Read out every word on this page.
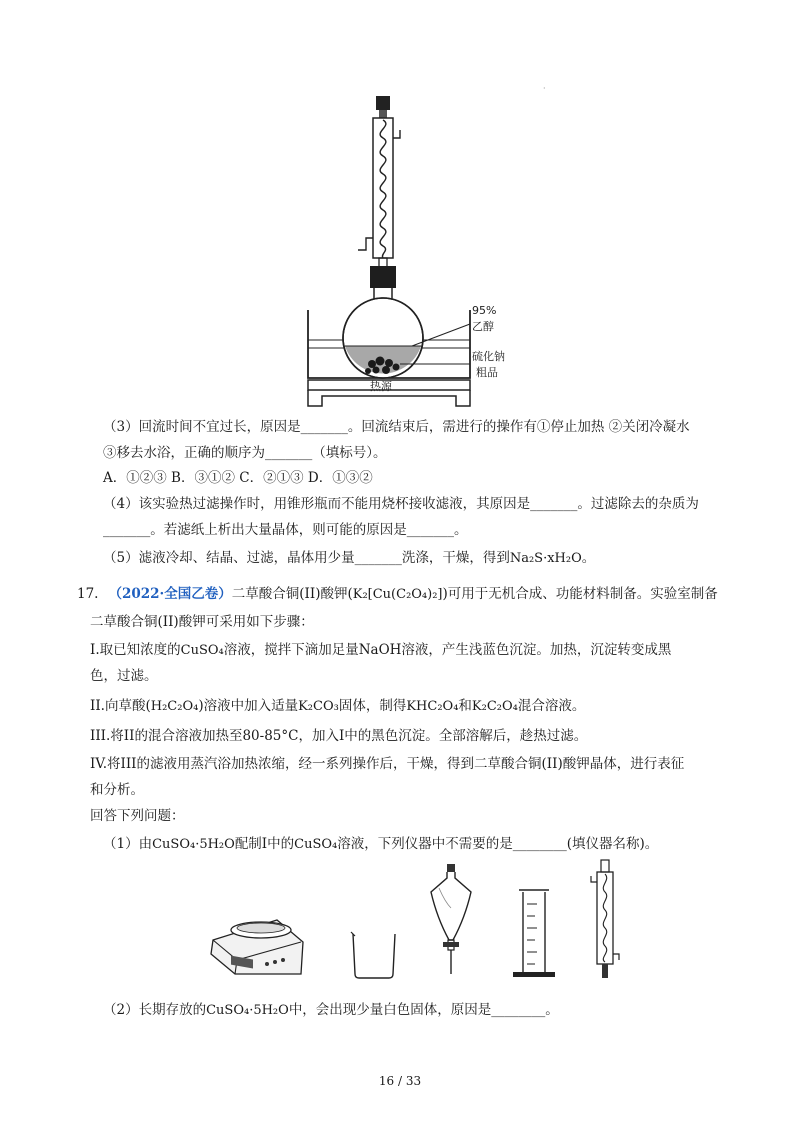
·
95%
乙醇
硫化钠
粗品
热源
（3）回流时间不宜过长，原因是_______。回流结束后，需进行的操作有①停止加热 ②关闭冷凝水
③移去水浴，正确的顺序为_______（填标号）。
A．①②③ B．③①② C．②①③ D．①③②
（4）该实验热过滤操作时，用锥形瓶而不能用烧杯接收滤液，其原因是_______。过滤除去的杂质为
_______。若滤纸上析出大量晶体，则可能的原因是_______。
（5）滤液冷却、结晶、过滤，晶体用少量_______洗涤，干燥，得到Na₂S·xH₂O。
17. （2022·全国乙卷）二草酸合铜(II)酸钾(K₂[Cu(C₂O₄)₂])可用于无机合成、功能材料制备。实验室制备
二草酸合铜(II)酸钾可采用如下步骤：
I.取已知浓度的CuSO₄溶液，搅拌下滴加足量NaOH溶液，产生浅蓝色沉淀。加热，沉淀转变成黑
色，过滤。
II.向草酸(H₂C₂O₄)溶液中加入适量K₂CO₃固体，制得KHC₂O₄和K₂C₂O₄混合溶液。
III.将II的混合溶液加热至80-85°C，加入I中的黑色沉淀。全部溶解后，趁热过滤。
IV.将III的滤液用蒸汽浴加热浓缩，经一系列操作后，干燥，得到二草酸合铜(II)酸钾晶体，进行表征
和分析。
回答下列问题：
（1）由CuSO₄·5H₂O配制I中的CuSO₄溶液，下列仪器中不需要的是________(填仪器名称)。
（2）长期存放的CuSO₄·5H₂O中，会出现少量白色固体，原因是________。
16 / 33
